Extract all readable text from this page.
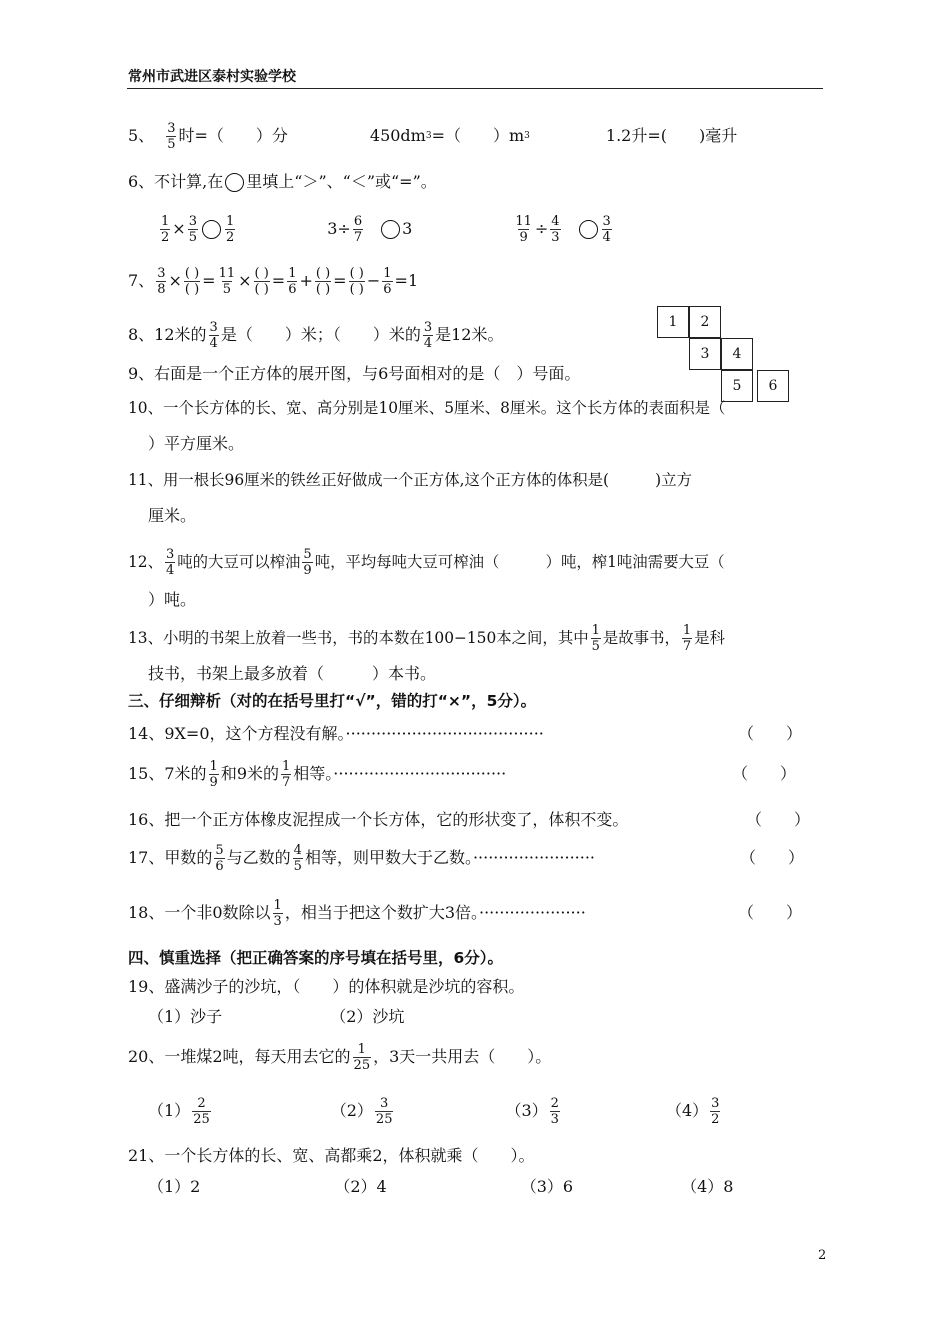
常州市武进区泰村实验学校
5、 $\frac{3}{5}$ 时=（　　）分	450dm 3 =（　　）m 3	1.2升=(　　)毫升
6、不计算,在 里填上“＞”、“＜”或“=”。
$\frac{1}{2} \times \frac{3}{5} \frac{1}{2}$	$3\div \frac{6}{7} 3$	$\frac{11}{9} \div \frac{4}{3}$	$\frac{3}{4}$
7、 $\frac{3}{8} \times \frac{( )}{( )} = \frac{11}{5} \times \frac{( )}{( )} = \frac{1}{6} + \frac{( )}{( )} = \frac{( )}{( )} - \frac{1}{6} =1$
8、12米的 $\frac{3}{4}$ 是（　　）米；（　　）米的 $\frac{3}{4}$ 是12米。
1	2
3	4
5	6
9、右面是一个正方体的展开图，与6号面相对的是（　）号面。
10、一个长方体的长、宽、高分别是10厘米、5厘米、8厘米。这个长方体的表面积是（
）平方厘米。
11、用一根长96厘米的铁丝正好做成一个正方体,这个正方体的体积是(　　　)立方
厘米。
12、 $\frac{3}{4}$ 吨的大豆可以榨油 $\frac{5}{9}$ 吨，平均每吨大豆可榨油（　　　）吨，榨1吨油需要大豆（
）吨。
13、小明的书架上放着一些书，书的本数在100−150本之间，其中 $\frac{1}{5}$ 是故事书， $\frac{1}{7}$ 是科
技书，书架上最多放着（　　　）本书。
三、仔细辩析（对的在括号里打“√”，错的打“×”，5分）。
14、9X=0，这个方程没有解。·······································	（　　）
15、7米的 $\frac{1}{9}$ 和9米的 $\frac{1}{7}$ 相等。··································	（　　）
16、把一个正方体橡皮泥捏成一个长方体，它的形状变了，体积不变。	（　　）
17、甲数的 $\frac{5}{6}$ 与乙数的 $\frac{4}{5}$ 相等，则甲数大于乙数。························	（　　）
18、一个非0数除以 $\frac{1}{3}$ ，相当于把这个数扩大3倍。·····················	（　　）
四、慎重选择（把正确答案的序号填在括号里，6分）。
19、盛满沙子的沙坑，（　　）的体积就是沙坑的容积。
（1）沙子	（2）沙坑
20、一堆煤2吨，每天用去它的 $\frac{1}{25}$ ，3天一共用去（　　）。
$(1) \frac{2}{25}$	$(2) \frac{3}{25}$	$(3) \frac{2}{3}$	$(4) \frac{3}{2}$
21、一个长方体的长、宽、高都乘2，体积就乘（　　）。
（1）2	（2）4	（3）6	（4）8
2
